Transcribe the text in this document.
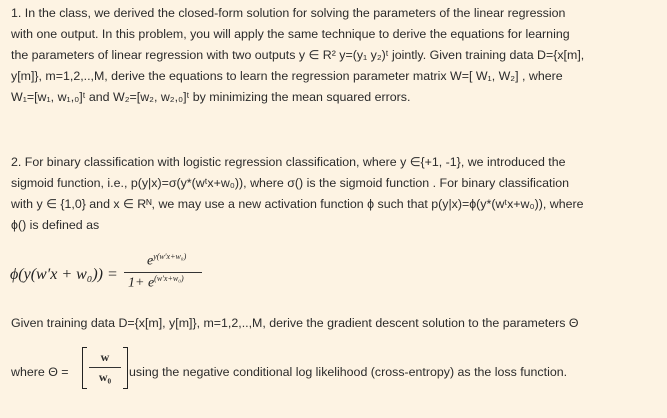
1. In the class, we derived the closed-form solution for solving the parameters of the linear regression
with one output. In this problem, you will apply the same technique to derive the equations for learning
the parameters of linear regression with two outputs y ∈ R² y=(y₁ y₂)ᵗ jointly. Given training data D={x[m],
y[m]}, m=1,2,..,M, derive the equations to learn the regression parameter matrix W=[ W₁, W₂] , where
W₁=[w₁, w₁,₀]ᵗ and W₂=[w₂, w₂,₀]ᵗ by minimizing the mean squared errors.

2. For binary classification with logistic regression classification, where y ∈{+1, -1}, we introduced the
sigmoid function, i.e., p(y|x)=σ(y*(wᵗx+w₀)), where σ() is the sigmoid function . For binary classification
with y ∈ {1,0} and x ∈ Rᴺ, we may use a new activation function ϕ such that p(y|x)=ϕ(y*(wᵗx+w₀)), where
ϕ() is defined as

ϕ(y(w′x + w₀)) =
$e^{y(w'x+w_0)}$
$1+ e^{(w'x+w_0)}$
Given training data D={x[m], y[m]}, m=1,2,..,M, derive the gradient descent solution to the parameters Θ
where Θ =
w
w₀	using the negative conditional log likelihood (cross-entropy) as the loss function.
